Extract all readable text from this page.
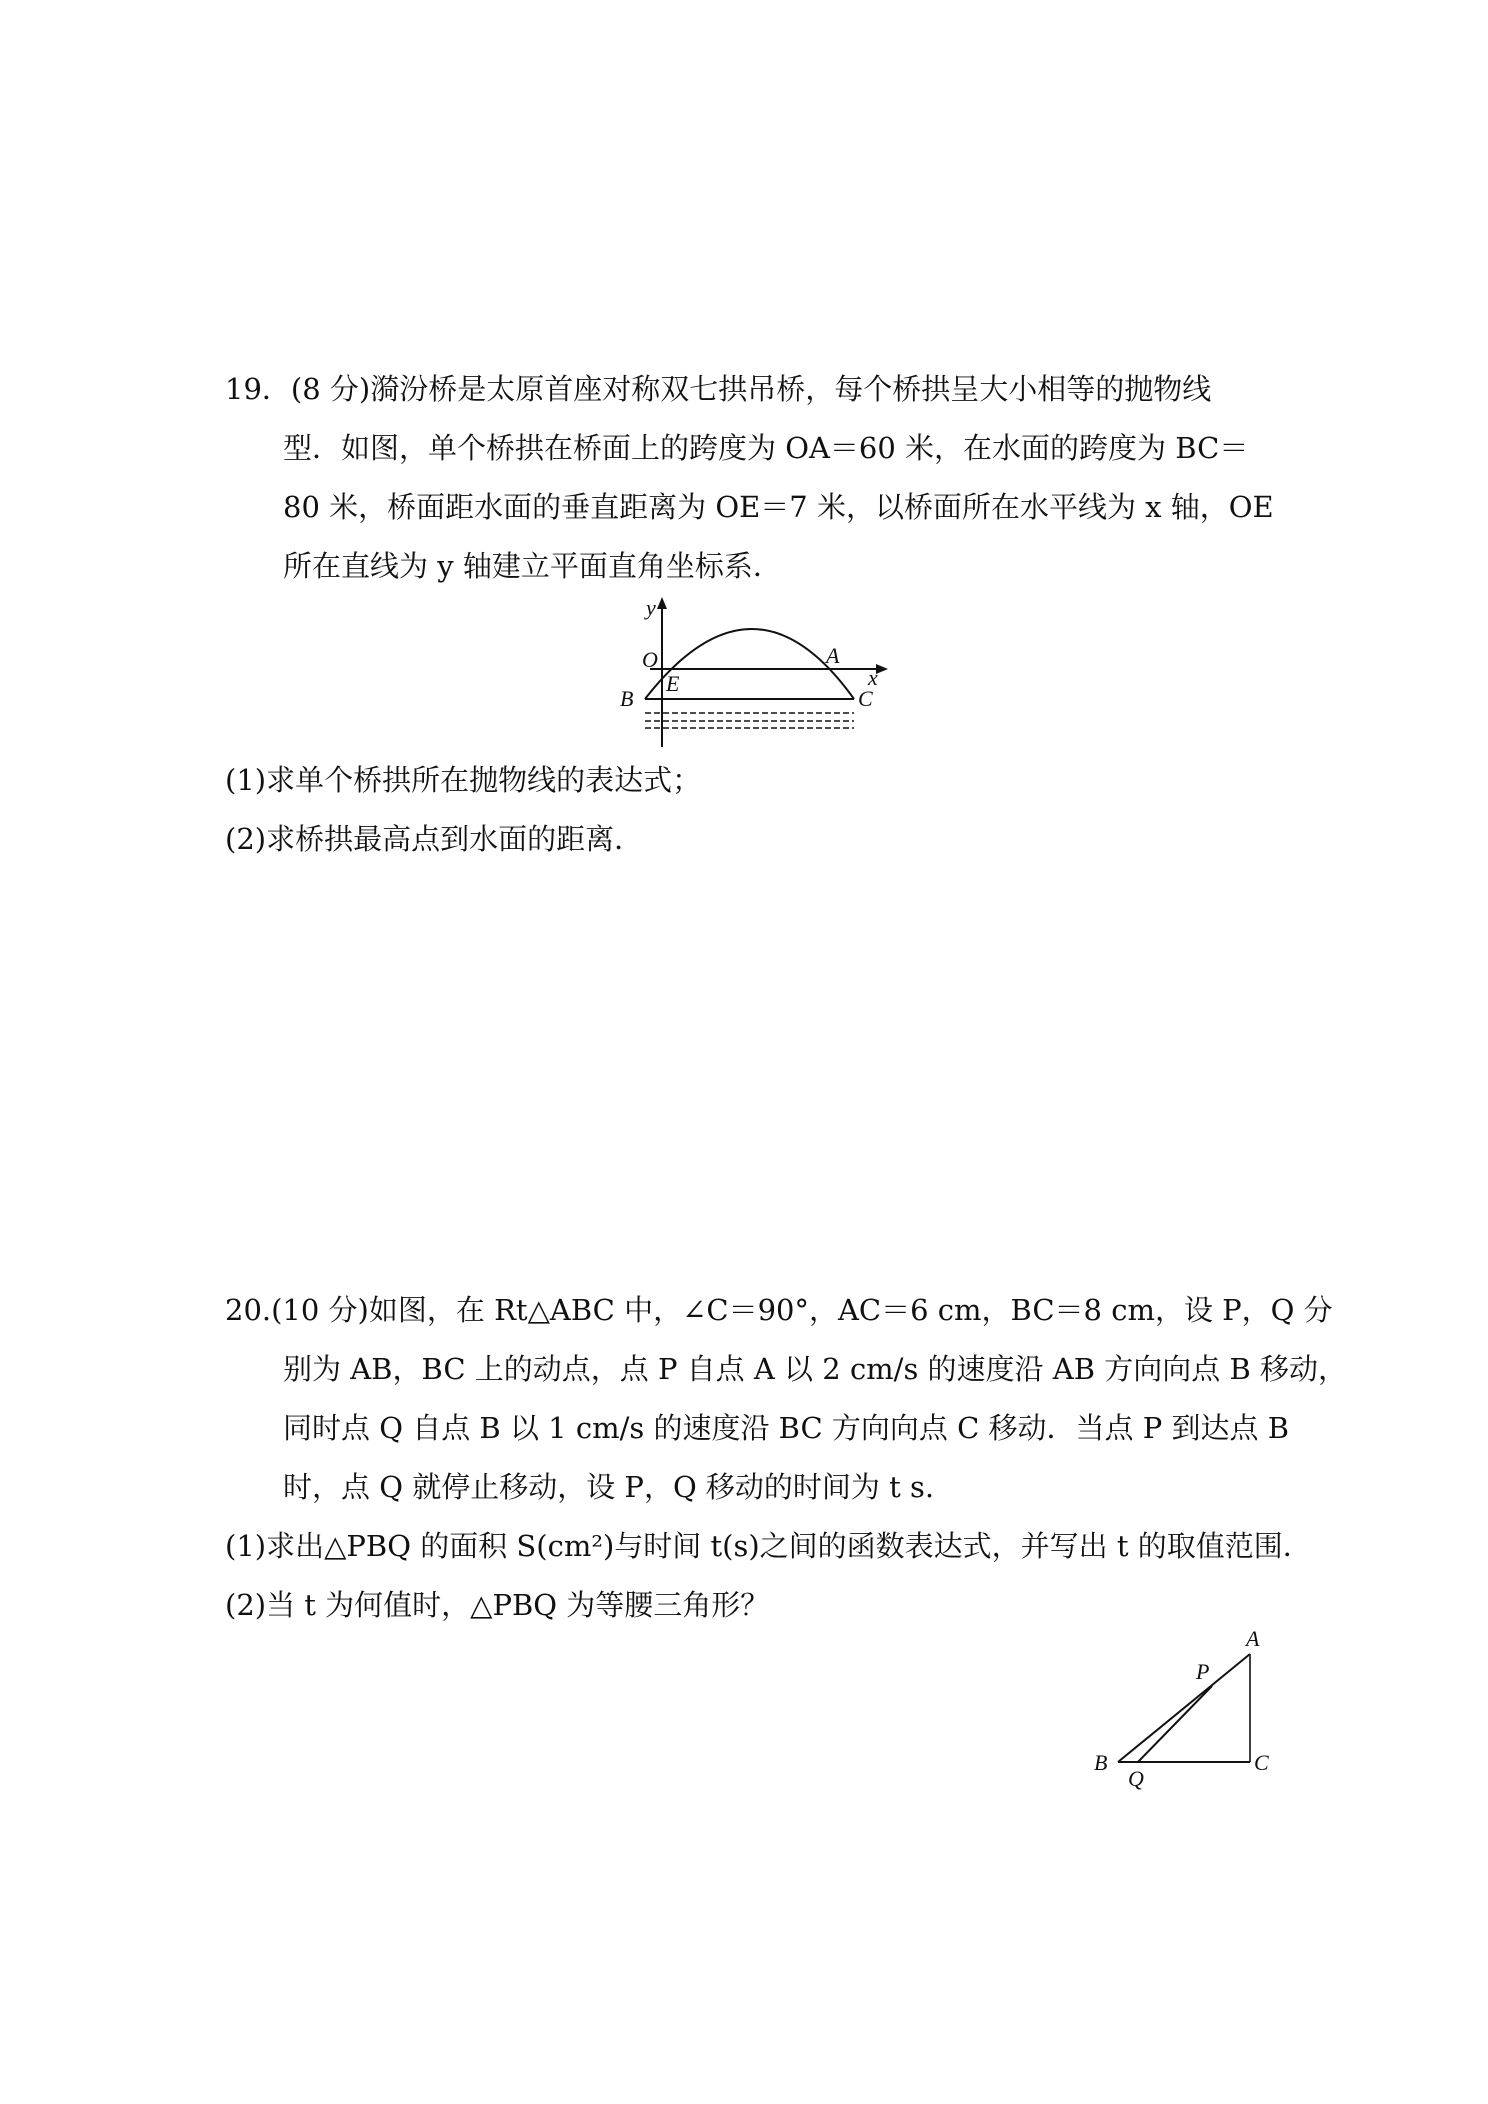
19．(8 分)漪汾桥是太原首座对称双七拱吊桥，每个桥拱呈大小相等的抛物线
型．如图，单个桥拱在桥面上的跨度为 OA＝60 米，在水面的跨度为 BC＝
80 米，桥面距水面的垂直距离为 OE＝7 米，以桥面所在水平线为 x 轴，OE
所在直线为 y 轴建立平面直角坐标系．
y
O	A
x
B
E
C
(1)求单个桥拱所在抛物线的表达式；
(2)求桥拱最高点到水面的距离．
20.(10 分)如图，在 Rt△ABC 中，∠C＝90°，AC＝6 cm，BC＝8 cm，设 P，Q 分
别为 AB，BC 上的动点，点 P 自点 A 以 2 cm/s 的速度沿 AB 方向向点 B 移动，
同时点 Q 自点 B 以 1 cm/s 的速度沿 BC 方向向点 C 移动．当点 P 到达点 B
时，点 Q 就停止移动，设 P，Q 移动的时间为 t s.
(1)求出△PBQ 的面积 S(cm²)与时间 t(s)之间的函数表达式，并写出 t 的取值范围．
(2)当 t 为何值时，△PBQ 为等腰三角形？
A
P
B
Q
C
